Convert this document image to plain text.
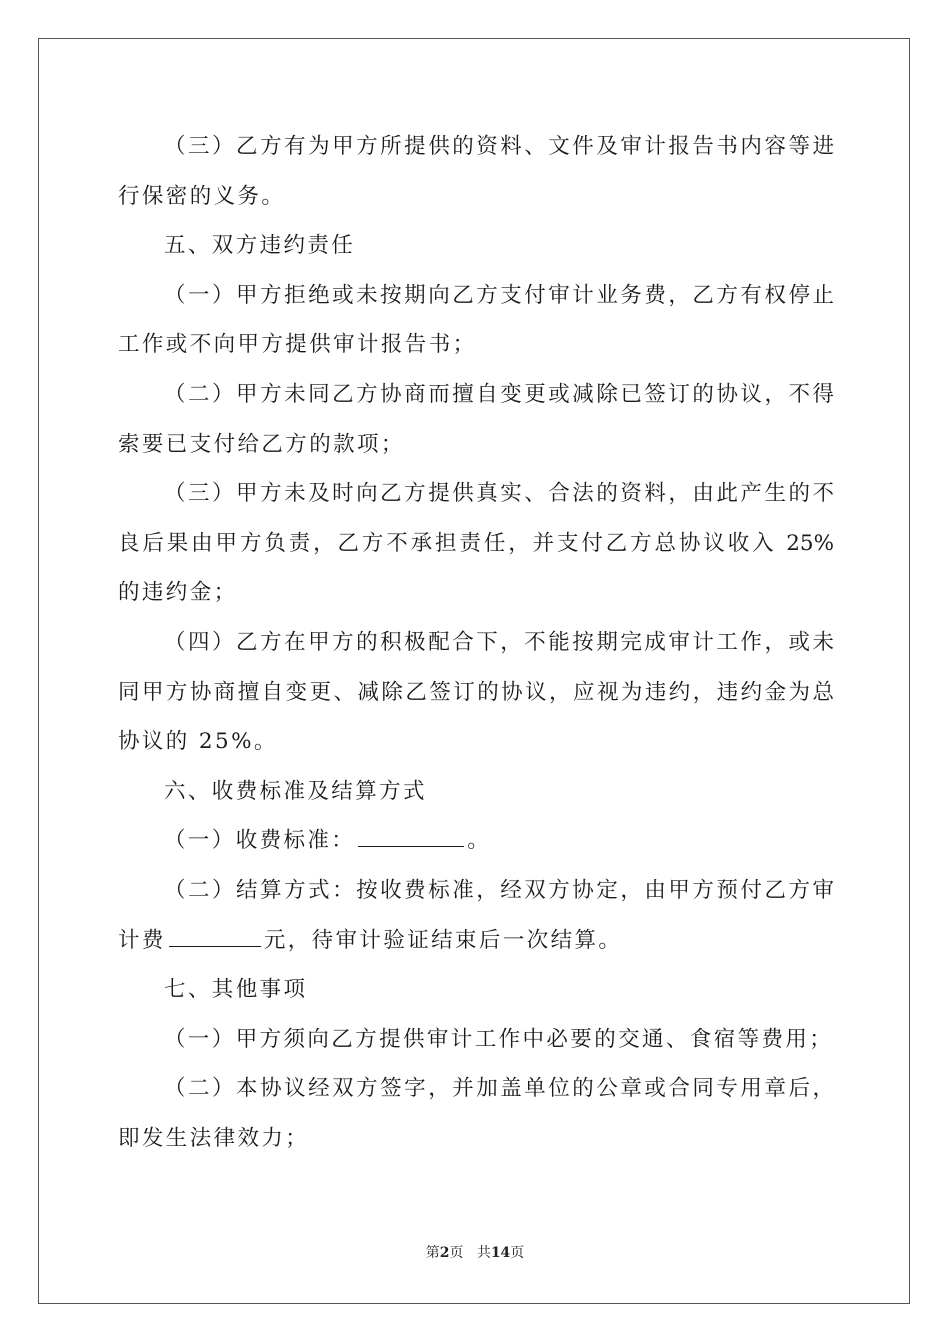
（三）乙方有为甲方所提供的资料、文件及审计报告书内容等进
行保密的义务。
五、双方违约责任
（一）甲方拒绝或未按期向乙方支付审计业务费，乙方有权停止
工作或不向甲方提供审计报告书；
（二）甲方未同乙方协商而擅自变更或减除已签订的协议，不得
索要已支付给乙方的款项；
（三）甲方未及时向乙方提供真实、合法的资料，由此产生的不
良后果由甲方负责，乙方不承担责任，并支付乙方总协议收入 25%
的违约金；
（四）乙方在甲方的积极配合下，不能按期完成审计工作，或未
同甲方协商擅自变更、减除乙签订的协议，应视为违约，违约金为总
协议的 25%。
六、收费标准及结算方式
（一）收费标准：	。
（二）结算方式：按收费标准，经双方协定，由甲方预付乙方审
计费	元，待审计验证结束后一次结算。
七、其他事项
（一）甲方须向乙方提供审计工作中必要的交通、食宿等费用；
（二）本协议经双方签字，并加盖单位的公章或合同专用章后，
即发生法律效力；
第2页 共14页
